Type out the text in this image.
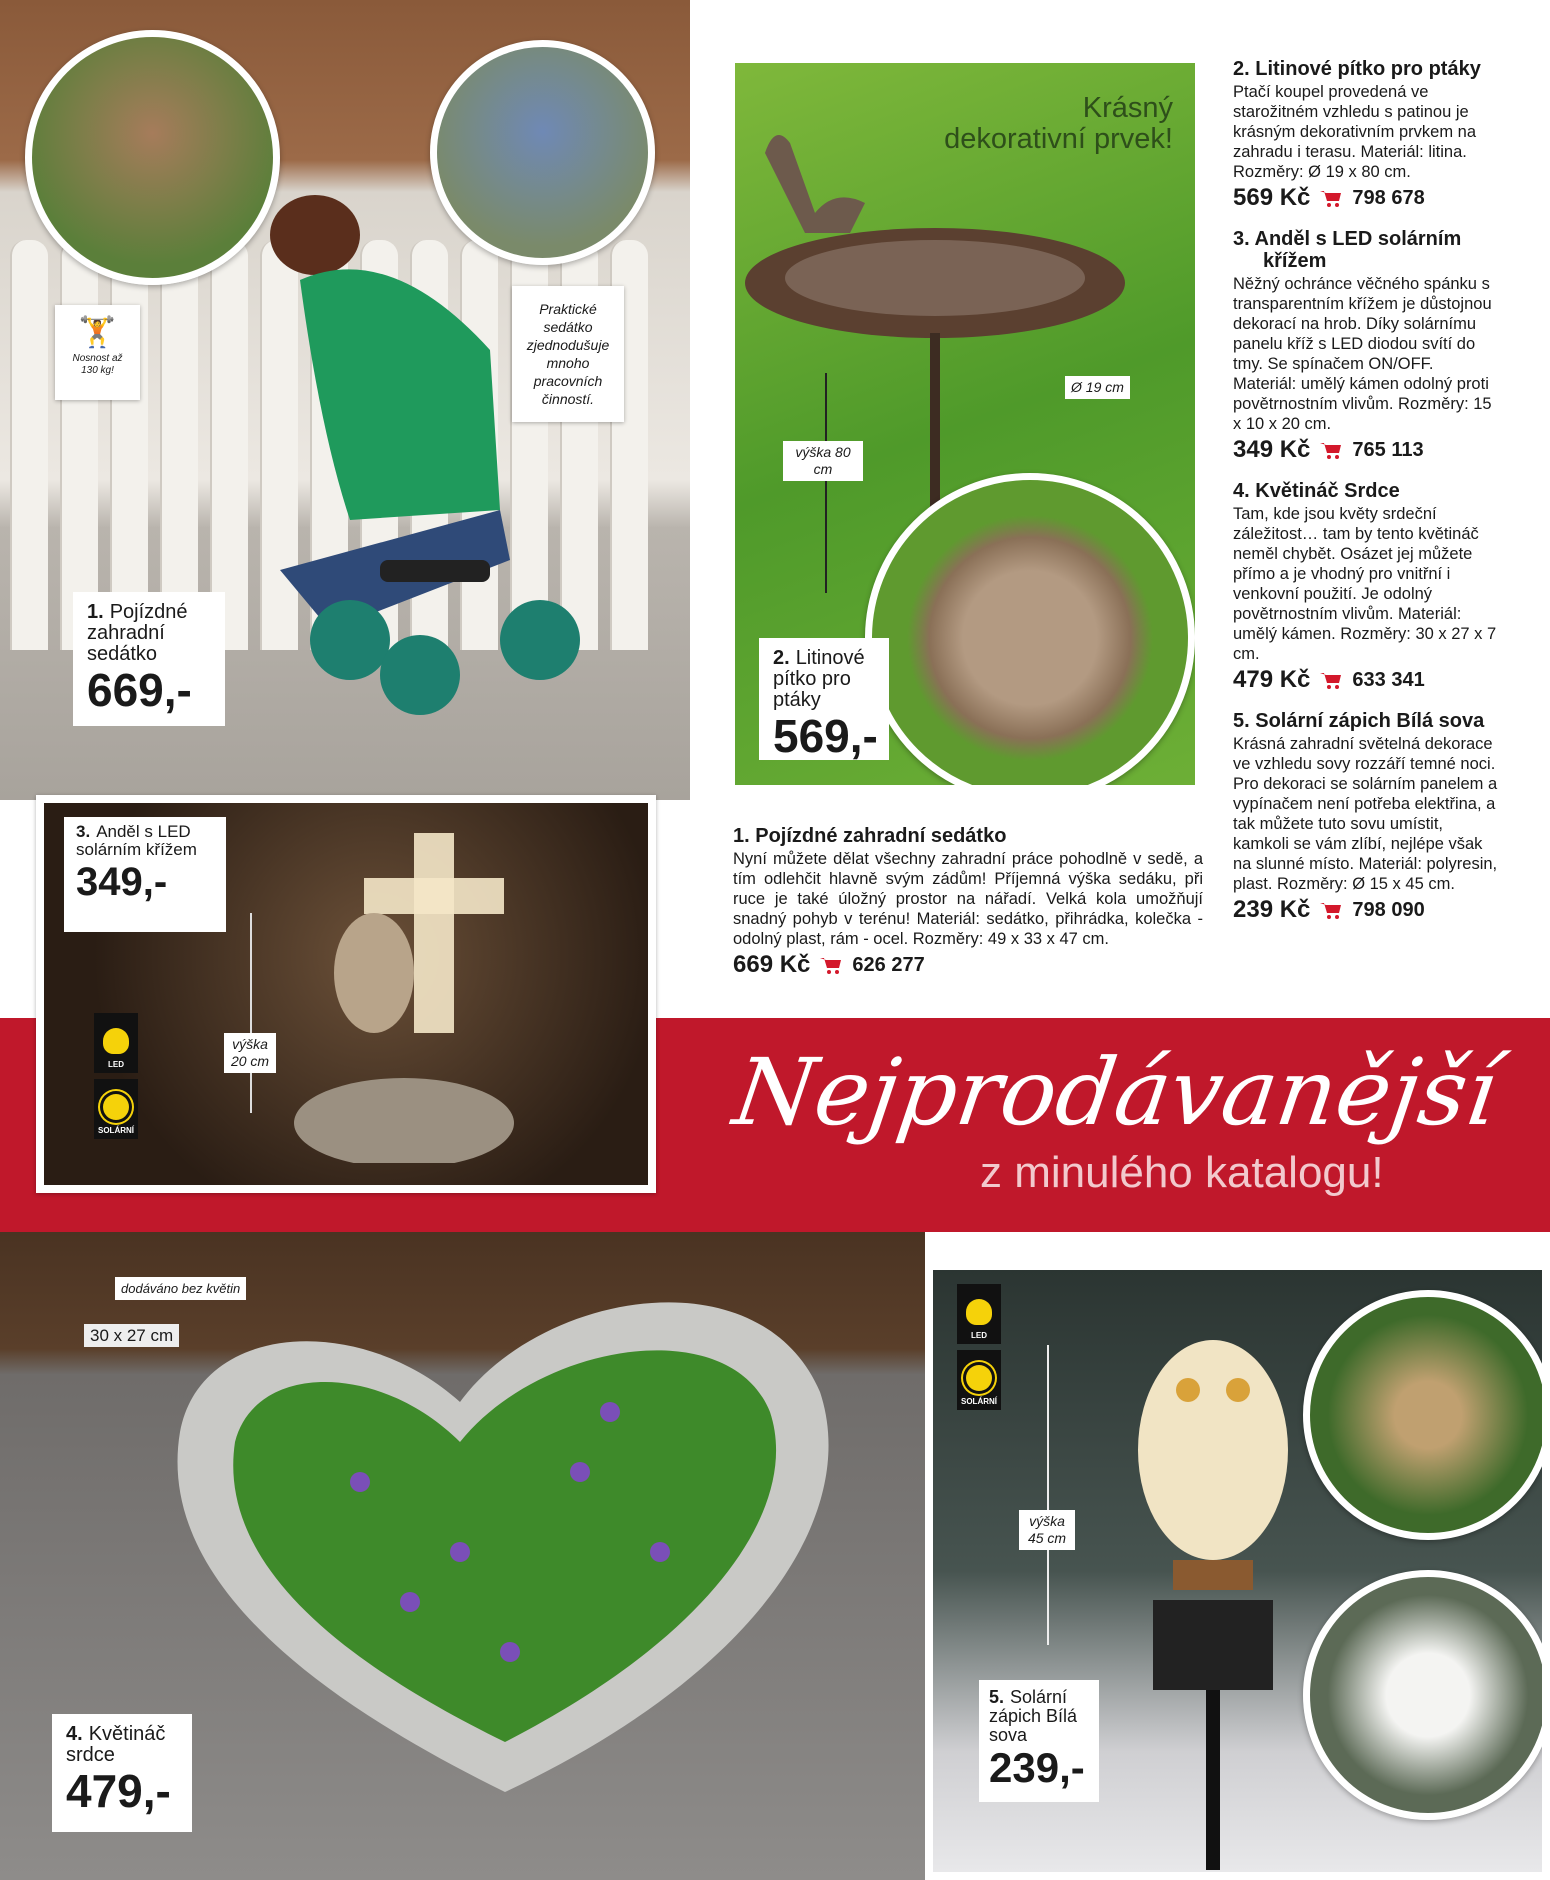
🏋
Nosnost až 130 kg!
Praktické sedátko zjednodušuje mnoho pracovních činností.
1. Pojízdné zahradní sedátko
669,-
Krásný
dekorativní prvek!
Ø 19 cm
výška 80 cm
2. Litinové pítko pro ptáky
569,-
1. Pojízdné zahradní sedátko

Nyní můžete dělat všechny zahradní práce pohodlně v sedě, a tím odlehčit hlavně svým zádům! Příjemná výška sedáku, při ruce je také úložný prostor na nářadí. Velká kola umožňují snadný pohyb v terénu! Materiál: sedátko, přihrádka, kolečka - odolný plast, rám - ocel. Rozměry: 49 x 33 x 47 cm.

669 Kč 626 277
2. Litinové pítko pro ptáky

Ptačí koupel provedená ve starožitném vzhledu s patinou je krásným dekorativním prvkem na zahradu i terasu. Materiál: litina. Rozměry: Ø 19 x 80 cm.

569 Kč 798 678
3. Anděl s LED solárním křížem

Něžný ochránce věčného spánku s transparentním křížem je důstojnou dekorací na hrob. Díky solárnímu panelu kříž s LED diodou svítí do tmy. Se spínačem ON/OFF. Materiál: umělý kámen odolný proti povětrnostním vlivům. Rozměry: 15 x 10 x 20 cm.

349 Kč 765 113
4. Květináč Srdce

Tam, kde jsou květy srdeční záležitost… tam by tento květináč neměl chybět. Osázet jej můžete přímo a je vhodný pro vnitřní i venkovní použití. Je odolný povětrnostním vlivům. Materiál: umělý kámen. Rozměry: 30 x 27 x 7 cm.

479 Kč 633 341
5. Solární zápich Bílá sova

Krásná zahradní světelná dekorace ve vzhledu sovy rozzáří temné noci. Pro dekoraci se solárním panelem a vypínačem není potřeba elektřina, a tak můžete tuto sovu umístit, kamkoli se vám zlíbí, nejlépe však na slunné místo. Materiál: polyresin, plast. Rozměry: Ø 15 x 45 cm.

239 Kč 798 090
Nejprodávanější
z minulého katalogu!
LED
SOLÁRNÍ
výška 20 cm
3. Anděl s LED solárním křížem
349,-
dodáváno bez květin
30 x 27 cm
4. Květináč srdce
479,-
LED
SOLÁRNÍ
výška 45 cm
5. Solární zápich Bílá sova
239,-
